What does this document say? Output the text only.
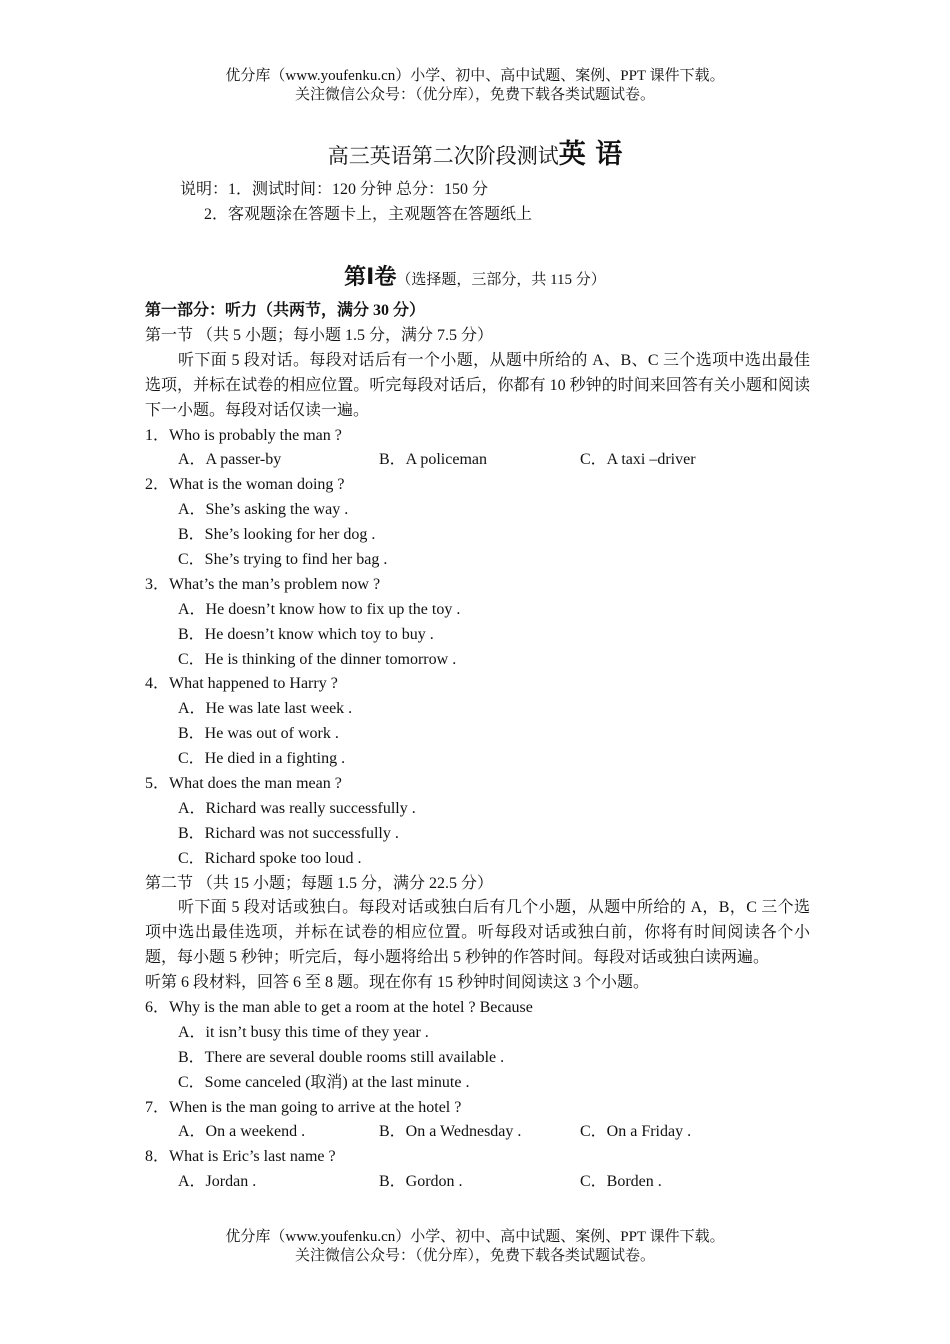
优分库（www.youfenku.cn）小学、初中、高中试题、案例、PPT 课件下载。
关注微信公众号：（优分库），免费下载各类试题试卷。
高三英语第二次阶段测试英 语
说明：1．测试时间：120 分钟 总分：150 分
2．客观题涂在答题卡上，主观题答在答题纸上
第Ⅰ卷（选择题，三部分，共 115 分）
第一部分：听力（共两节，满分 30 分）
第一节 （共 5 小题；每小题 1.5 分，满分 7.5 分）
听下面 5 段对话。每段对话后有一个小题，从题中所给的 A、B、C 三个选项中选出最佳选项，并标在试卷的相应位置。听完每段对话后，你都有 10 秒钟的时间来回答有关小题和阅读下一小题。每段对话仅读一遍。
1．Who is probably the man ?
A．A passer-by	B．A policeman	C．A taxi –driver
2．What is the woman doing ?
A．She’s asking the way .
B．She’s looking for her dog .
C．She’s trying to find her bag .
3．What’s the man’s problem now ?
A．He doesn’t know how to fix up the toy .
B．He doesn’t know which toy to buy .
C．He is thinking of the dinner tomorrow .
4．What happened to Harry ?
A．He was late last week .
B．He was out of work .
C．He died in a fighting .
5．What does the man mean ?
A．Richard was really successfully .
B．Richard was not successfully .
C．Richard spoke too loud .
第二节 （共 15 小题；每题 1.5 分，满分 22.5 分）
听下面 5 段对话或独白。每段对话或独白后有几个小题，从题中所给的 A，B，C 三个选项中选出最佳选项，并标在试卷的相应位置。听每段对话或独白前，你将有时间阅读各个小题，每小题 5 秒钟；听完后，每小题将给出 5 秒钟的作答时间。每段对话或独白读两遍。
听第 6 段材料，回答 6 至 8 题。现在你有 15 秒钟时间阅读这 3 个小题。
6．Why is the man able to get a room at the hotel ? Because
A．it isn’t busy this time of they year .
B．There are several double rooms still available .
C．Some canceled (取消) at the last minute .
7．When is the man going to arrive at the hotel ?
A．On a weekend .	B．On a Wednesday .	C．On a Friday .
8．What is Eric’s last name ?
A．Jordan .	B．Gordon .	C．Borden .
优分库（www.youfenku.cn）小学、初中、高中试题、案例、PPT 课件下载。
关注微信公众号：（优分库），免费下载各类试题试卷。
